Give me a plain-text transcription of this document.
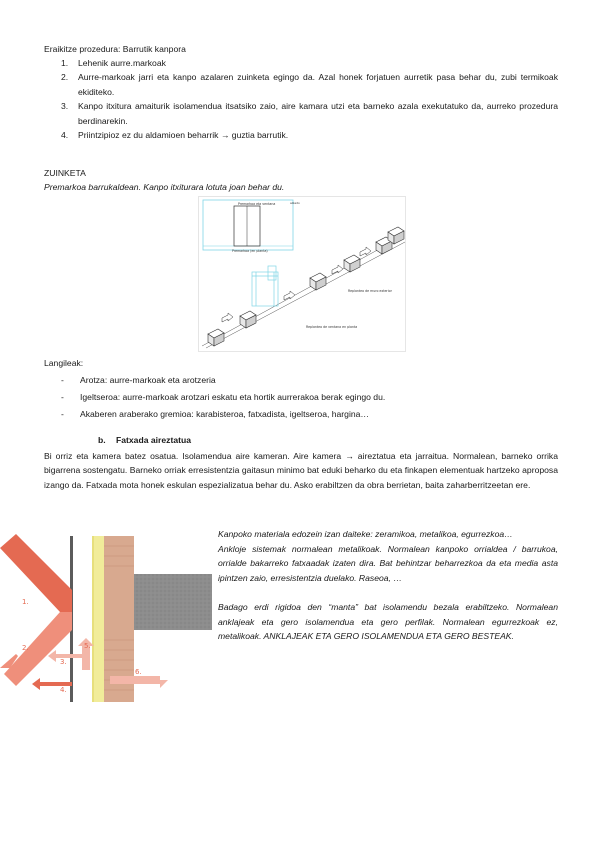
Eraikitze prozedura: Barrutik kanpora
1. Lehenik aurre.markoak
2. Aurre-markoak jarri eta kanpo azalaren zuinketa egingo da. Azal honek forjatuen aurretik pasa behar du, zubi termikoak ekiditeko.
3. Kanpo itxitura amaiturik isolamendua itsatsiko zaio, aire kamara utzi eta barneko azala exekutatuko da, aurreko prozedura berdinarekin.
4. Priintzipioz ez du aldamioen beharrik → guztia barrutik.
ZUINKETA
Premarkoa barrukaldean. Kanpo itxiturara lotuta joan behar du.
Premarkoa eta ventana
Premarkoa (en planta)
alzado
Replanteo de muro exterior
Replanteo de ventana en planta
Langileak:
- Arotza: aurre-markoak eta arotzeria
- Igeltseroa: aurre-markoak arotzari eskatu eta hortik aurrerakoa berak egingo du.
- Akaberen araberako gremioa: karabisteroa, fatxadista, igeltseroa, hargina…
b. Fatxada aireztatua
Bi orriz eta kamera batez osatua. Isolamendua aire kameran. Aire kamera → aireztatua eta jarraitua. Normalean, barneko orrika bigarrena sostengatu. Barneko orriak erresistentzia gaitasun minimo bat eduki beharko du eta finkapen elementuak hartzeko aproposa izango da. Fatxada mota honek eskulan espezializatua behar du. Asko erabiltzen da obra berrietan, baita zaharberritzeetan ere.
1.
2.
3.
4.
5.
6.

Kanpoko materiala edozein izan daiteke: zeramikoa, metalikoa, egurrezkoa…

Ankloje sistemak normalean metalikoak. Normalean kanpoko orrialdea / barrukoa, orrialde bakarreko fatxaadak izaten dira. Bat behintzar beharrezkoa da eta media asta ipintzen zaio, erresistentzia duelako. Raseoa, …

Badago erdi rigidoa den “manta” bat isolamendu bezala erabiltzeko. Normalean anklajeak eta gero isolamendua eta gero perfilak. Normalean egurrezkoak ez, metalikoak. ANKLAJEAK ETA GERO ISOLAMENDUA ETA GERO BESTEAK.
